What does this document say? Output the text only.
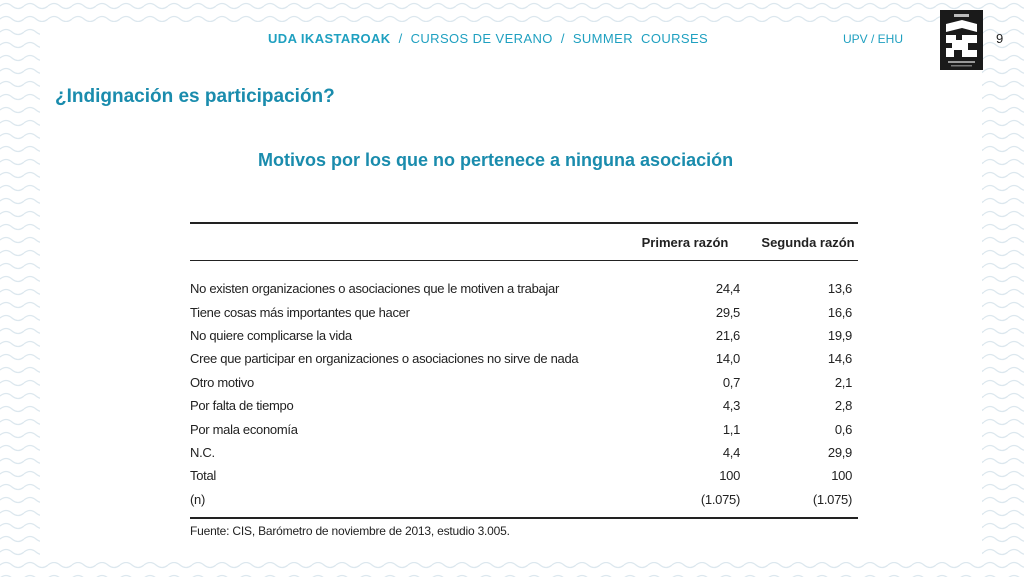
UDA IKASTAROAK / CURSOS DE VERANO / SUMMER  COURSES	UPV / EHU	9
¿Indignación es participación?
Motivos por los que no pertenece a ninguna asociación
Primera razón	Segunda razón
No existen organizaciones o asociaciones que le motiven a trabajar	24,4	13,6
Tiene cosas más importantes que hacer	29,5	16,6
No quiere complicarse la vida	21,6	19,9
Cree que participar en organizaciones o asociaciones no sirve de nada	14,0	14,6
Otro motivo	0,7	2,1
Por falta de tiempo	4,3	2,8
Por mala economía	1,1	0,6
N.C.	4,4	29,9
Total	100	100
(n)	(1.075)	(1.075)
Fuente: CIS, Barómetro de noviembre de 2013, estudio 3.005.
